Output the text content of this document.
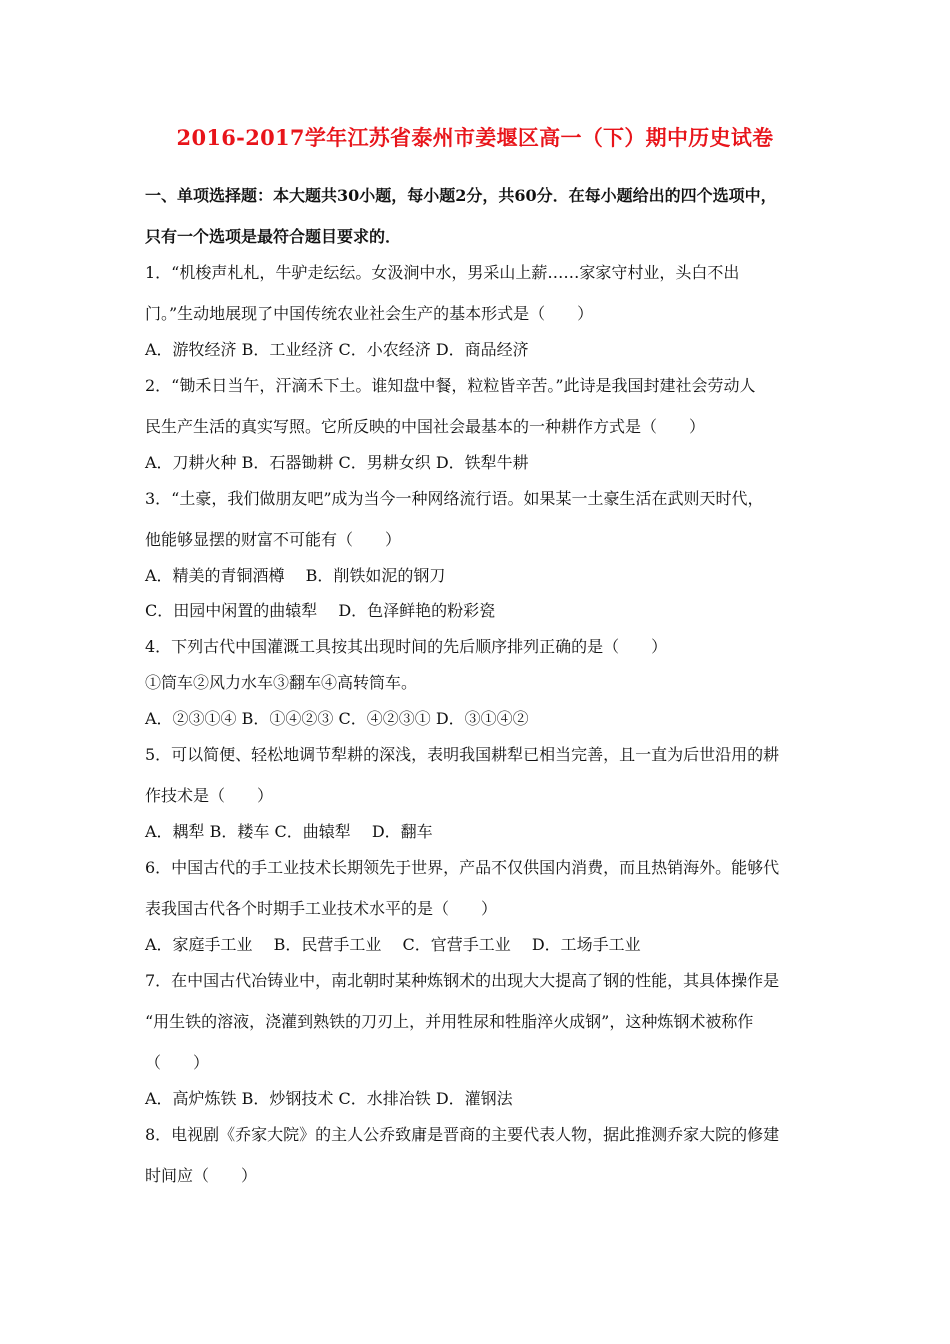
2016-2017学年江苏省泰州市姜堰区高一（下）期中历史试卷
一、单项选择题：本大题共30小题，每小题2分，共60分．在每小题给出的四个选项中，
只有一个选项是最符合题目要求的．
1．“机梭声札札，牛驴走纭纭。女汲涧中水，男采山上薪……家家守村业，头白不出
门。”生动地展现了中国传统农业社会生产的基本形式是（　　）
A．游牧经济 B．工业经济 C．小农经济 D．商品经济
2．“锄禾日当午，汗滴禾下土。谁知盘中餐，粒粒皆辛苦。”此诗是我国封建社会劳动人
民生产生活的真实写照。它所反映的中国社会最基本的一种耕作方式是（　　）
A．刀耕火种 B．石器锄耕 C．男耕女织 D．铁犁牛耕
3．“土豪，我们做朋友吧”成为当今一种网络流行语。如果某一土豪生活在武则天时代，
他能够显摆的财富不可能有（　　）
A．精美的青铜酒樽　 B．削铁如泥的钢刀
C．田园中闲置的曲辕犁　 D．色泽鲜艳的粉彩瓷
4．下列古代中国灌溉工具按其出现时间的先后顺序排列正确的是（　　）
①筒车②风力水车③翻车④高转筒车。
A．②③①④ B．①④②③ C．④②③① D．③①④②
5．可以简便、轻松地调节犁耕的深浅，表明我国耕犁已相当完善，且一直为后世沿用的耕
作技术是（　　）
A．耦犁 B．耧车 C．曲辕犁　 D．翻车
6．中国古代的手工业技术长期领先于世界，产品不仅供国内消费，而且热销海外。能够代
表我国古代各个时期手工业技术水平的是（　　）
A．家庭手工业　 B．民营手工业　 C．官营手工业　 D．工场手工业
7．在中国古代冶铸业中，南北朝时某种炼钢术的出现大大提高了钢的性能，其具体操作是
“用生铁的溶液，浇灌到熟铁的刀刃上，并用牲尿和牲脂淬火成钢”，这种炼钢术被称作
（　　）
A．高炉炼铁 B．炒钢技术 C．水排冶铁 D．灌钢法
8．电视剧《乔家大院》的主人公乔致庸是晋商的主要代表人物，据此推测乔家大院的修建
时间应（　　）
